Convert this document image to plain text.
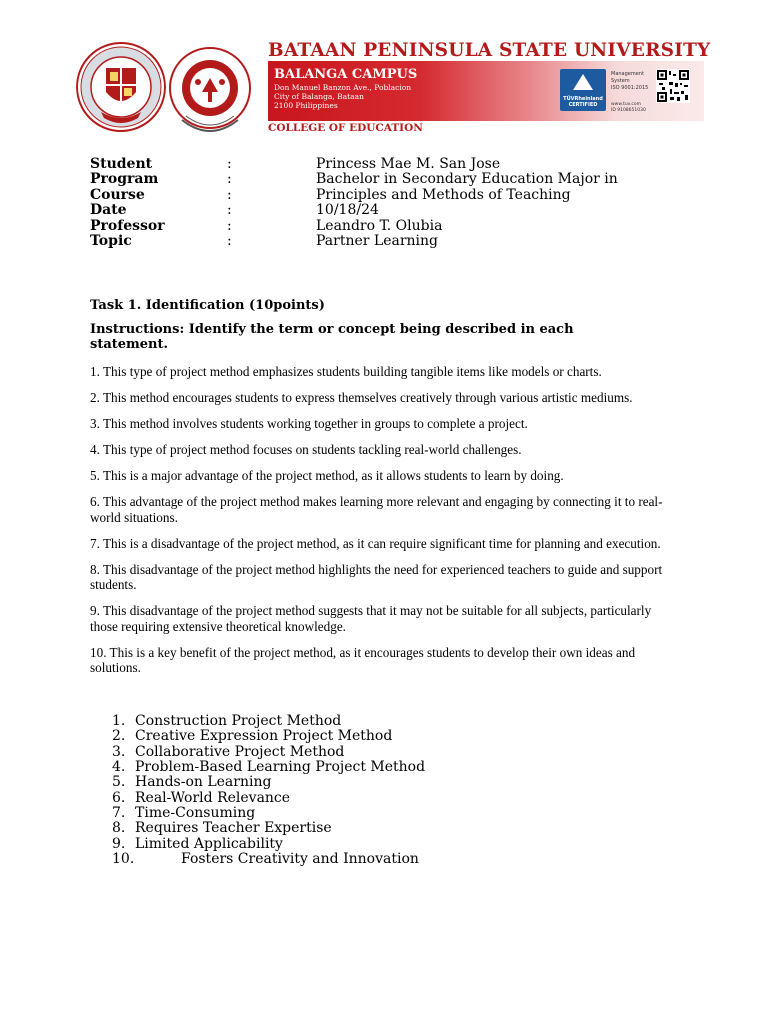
BATAAN PENINSULA STATE UNIVERSITY
BALANGA CAMPUS
Don Manuel Banzon Ave., Poblacion
City of Balanga, Bataan
2100 Philippines
TÜVRheinland CERTIFIED
Management
System
ISO 9001:2015
www.tuv.com
ID 9108651030
COLLEGE OF EDUCATION
Student	:	Princess Mae M. San Jose
Program	:	Bachelor in Secondary Education Major in
Course	:	Principles and Methods of Teaching
Date	:	10/18/24
Professor	:	Leandro T. Olubia
Topic	:	Partner Learning
Task 1. Identification (10points)
Instructions: Identify the term or concept being described in each statement.

1. This type of project method emphasizes students building tangible items like models or charts.

2. This method encourages students to express themselves creatively through various artistic mediums.

3. This method involves students working together in groups to complete a project.

4. This type of project method focuses on students tackling real-world challenges.

5. This is a major advantage of the project method, as it allows students to learn by doing.

6. This advantage of the project method makes learning more relevant and engaging by connecting it to real-world situations.

7. This is a disadvantage of the project method, as it can require significant time for planning and execution.

8. This disadvantage of the project method highlights the need for experienced teachers to guide and support students.

9. This disadvantage of the project method suggests that it may not be suitable for all subjects, particularly those requiring extensive theoretical knowledge.

10. This is a key benefit of the project method, as it encourages students to develop their own ideas and solutions.

1. Construction Project Method
2. Creative Expression Project Method
3. Collaborative Project Method
4. Problem-Based Learning Project Method
5. Hands-on Learning
6. Real-World Relevance
7. Time-Consuming
8. Requires Teacher Expertise
9. Limited Applicability
10.	Fosters Creativity and Innovation
